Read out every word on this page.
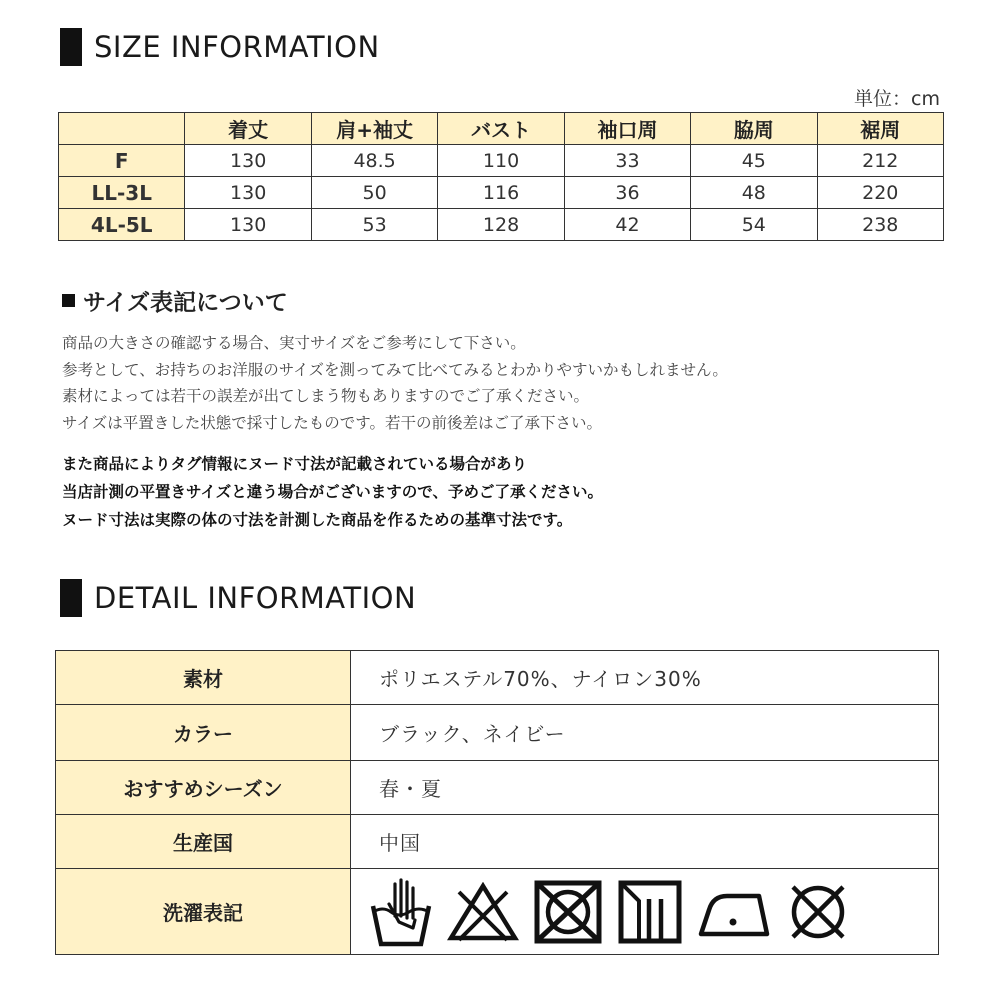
SIZE INFORMATION
単位：cm
	着丈	肩+袖丈	バスト	袖口周	脇周	裾周
F	130	48.5	110	33	45	212
LL-3L	130	50	116	36	48	220
4L-5L	130	53	128	42	54	238
サイズ表記について
商品の大きさの確認する場合、実寸サイズをご参考にして下さい。
参考として、お持ちのお洋服のサイズを測ってみて比べてみるとわかりやすいかもしれません。
素材によっては若干の誤差が出てしまう物もありますのでご了承ください。
サイズは平置きした状態で採寸したものです。若干の前後差はご了承下さい。
また商品によりタグ情報にヌード寸法が記載されている場合があり
当店計測の平置きサイズと違う場合がございますので、予めご了承ください。
ヌード寸法は実際の体の寸法を計測した商品を作るための基準寸法です。
DETAIL INFORMATION
素材	ポリエステル70%、ナイロン30%
カラー	ブラック、ネイビー
おすすめシーズン	春・夏
生産国	中国
洗濯表記	
